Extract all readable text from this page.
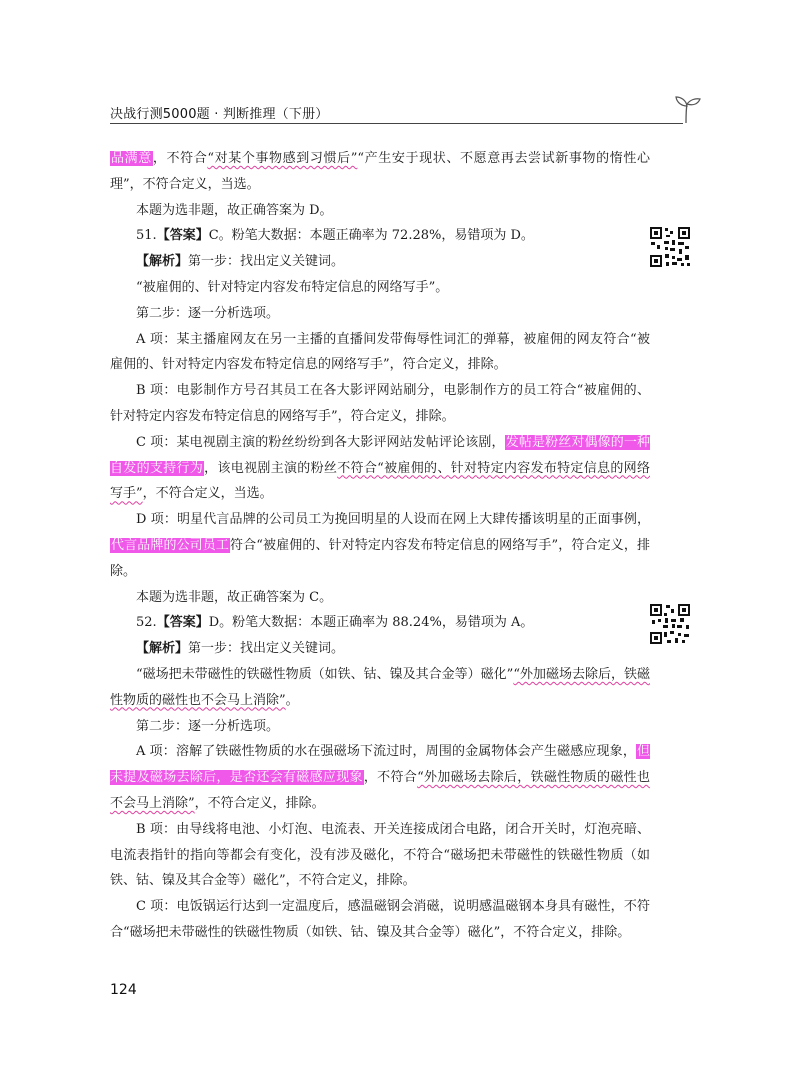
决战行测5000题 · 判断推理（下册）

品满意，不符合“对某个事物感到习惯后”“产生安于现状、不愿意再去尝试新事物的惰性心理”，不符合定义，当选。

本题为选非题，故正确答案为 D。

51.【答案】C。粉笔大数据：本题正确率为 72.28%，易错项为 D。

【解析】第一步：找出定义关键词。

“被雇佣的、针对特定内容发布特定信息的网络写手”。

第二步：逐一分析选项。

A 项：某主播雇网友在另一主播的直播间发带侮辱性词汇的弹幕，被雇佣的网友符合“被雇佣的、针对特定内容发布特定信息的网络写手”，符合定义，排除。

B 项：电影制作方号召其员工在各大影评网站刷分，电影制作方的员工符合“被雇佣的、针对特定内容发布特定信息的网络写手”，符合定义，排除。

C 项：某电视剧主演的粉丝纷纷到各大影评网站发帖评论该剧，发帖是粉丝对偶像的一种自发的支持行为，该电视剧主演的粉丝不符合“被雇佣的、针对特定内容发布特定信息的网络写手”，不符合定义，当选。

D 项：明星代言品牌的公司员工为挽回明星的人设而在网上大肆传播该明星的正面事例，代言品牌的公司员工符合“被雇佣的、针对特定内容发布特定信息的网络写手”，符合定义，排除。

本题为选非题，故正确答案为 C。

52.【答案】D。粉笔大数据：本题正确率为 88.24%，易错项为 A。

【解析】第一步：找出定义关键词。

“磁场把未带磁性的铁磁性物质（如铁、钴、镍及其合金等）磁化”“外加磁场去除后，铁磁性物质的磁性也不会马上消除”。

第二步：逐一分析选项。

A 项：溶解了铁磁性物质的水在强磁场下流过时，周围的金属物体会产生磁感应现象，但未提及磁场去除后，是否还会有磁感应现象，不符合“外加磁场去除后，铁磁性物质的磁性也不会马上消除”，不符合定义，排除。

B 项：由导线将电池、小灯泡、电流表、开关连接成闭合电路，闭合开关时，灯泡亮暗、电流表指针的指向等都会有变化，没有涉及磁化，不符合“磁场把未带磁性的铁磁性物质（如铁、钴、镍及其合金等）磁化”，不符合定义，排除。

C 项：电饭锅运行达到一定温度后，感温磁钢会消磁，说明感温磁钢本身具有磁性，不符合“磁场把未带磁性的铁磁性物质（如铁、钴、镍及其合金等）磁化”，不符合定义，排除。

124
